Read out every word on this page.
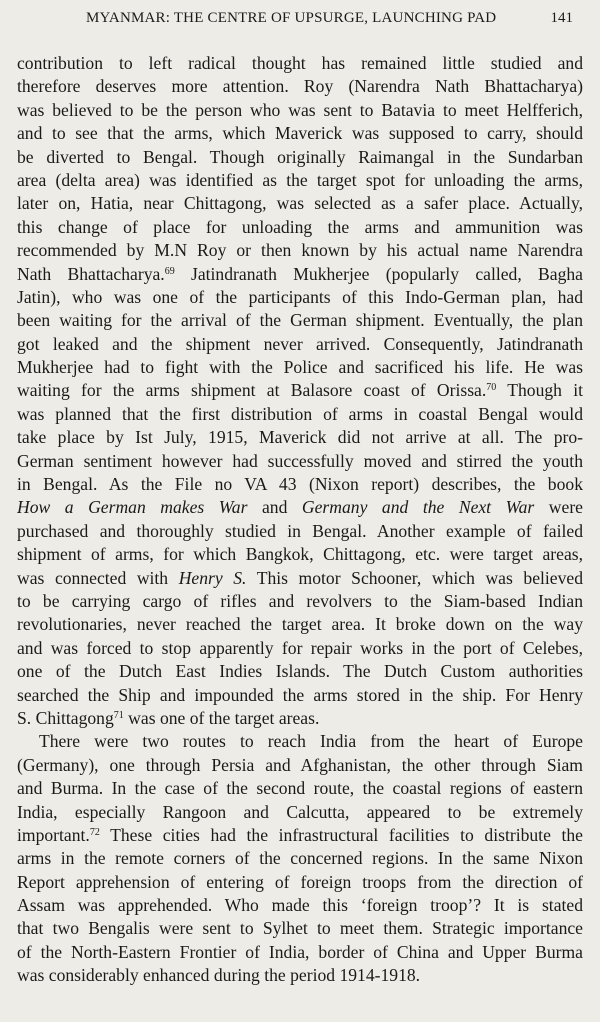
MYANMAR: THE CENTRE OF UPSURGE, LAUNCHING PAD	141
contribution to left radical thought has remained little studied and
therefore deserves more attention. Roy (Narendra Nath Bhattacharya)
was believed to be the person who was sent to Batavia to meet Helfferich,
and to see that the arms, which Maverick was supposed to carry, should
be diverted to Bengal. Though originally Raimangal in the Sundarban
area (delta area) was identified as the target spot for unloading the arms,
later on, Hatia, near Chittagong, was selected as a safer place. Actually,
this change of place for unloading the arms and ammunition was
recommended by M.N Roy or then known by his actual name Narendra
Nath Bhattacharya.$^{69}$ Jatindranath Mukherjee (popularly called, Bagha
Jatin), who was one of the participants of this Indo-German plan, had
been waiting for the arrival of the German shipment. Eventually, the plan
got leaked and the shipment never arrived. Consequently, Jatindranath
Mukherjee had to fight with the Police and sacrificed his life. He was
waiting for the arms shipment at Balasore coast of Orissa.$^{70}$ Though it
was planned that the first distribution of arms in coastal Bengal would
take place by Ist July, 1915, Maverick did not arrive at all. The pro-
German sentiment however had successfully moved and stirred the youth
in Bengal. As the File no VA 43 (Nixon report) describes, the book
How a German makes War and Germany and the Next War were
purchased and thoroughly studied in Bengal. Another example of failed
shipment of arms, for which Bangkok, Chittagong, etc. were target areas,
was connected with Henry S. This motor Schooner, which was believed
to be carrying cargo of rifles and revolvers to the Siam-based Indian
revolutionaries, never reached the target area. It broke down on the way
and was forced to stop apparently for repair works in the port of Celebes,
one of the Dutch East Indies Islands. The Dutch Custom authorities
searched the Ship and impounded the arms stored in the ship. For Henry
S. Chittagong$^{71}$ was one of the target areas.
There were two routes to reach India from the heart of Europe
(Germany), one through Persia and Afghanistan, the other through Siam
and Burma. In the case of the second route, the coastal regions of eastern
India, especially Rangoon and Calcutta, appeared to be extremely
important.$^{72}$ These cities had the infrastructural facilities to distribute the
arms in the remote corners of the concerned regions. In the same Nixon
Report apprehension of entering of foreign troops from the direction of
Assam was apprehended. Who made this ‘foreign troop’? It is stated
that two Bengalis were sent to Sylhet to meet them. Strategic importance
of the North-Eastern Frontier of India, border of China and Upper Burma
was considerably enhanced during the period 1914-1918.
